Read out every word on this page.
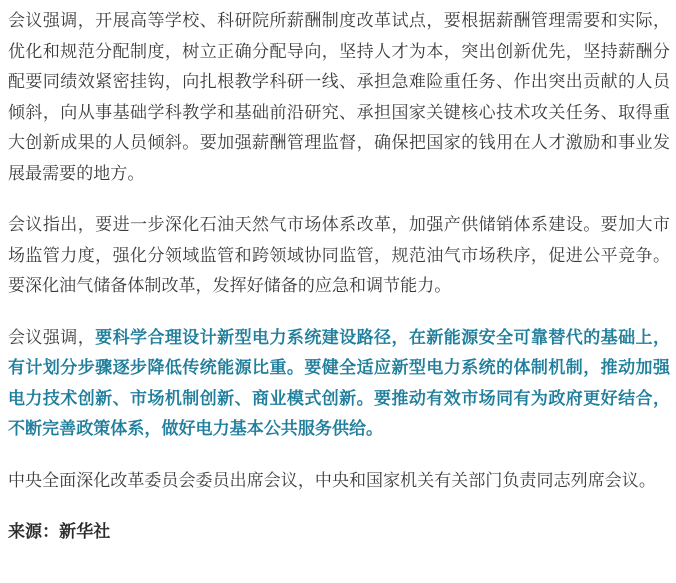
会议强调，开展高等学校、科研院所薪酬制度改革试点，要根据薪酬管理需要和实际，优化和规范分配制度，树立正确分配导向，坚持人才为本，突出创新优先，坚持薪酬分配要同绩效紧密挂钩，向扎根教学科研一线、承担急难险重任务、作出突出贡献的人员倾斜，向从事基础学科教学和基础前沿研究、承担国家关键核心技术攻关任务、取得重大创新成果的人员倾斜。要加强薪酬管理监督，确保把国家的钱用在人才激励和事业发展最需要的地方。

会议指出，要进一步深化石油天然气市场体系改革，加强产供储销体系建设。要加大市场监管力度，强化分领域监管和跨领域协同监管，规范油气市场秩序，促进公平竞争。要深化油气储备体制改革，发挥好储备的应急和调节能力。

会议强调，要科学合理设计新型电力系统建设路径，在新能源安全可靠替代的基础上，有计划分步骤逐步降低传统能源比重。要健全适应新型电力系统的体制机制，推动加强电力技术创新、市场机制创新、商业模式创新。要推动有效市场同有为政府更好结合，不断完善政策体系，做好电力基本公共服务供给。

中央全面深化改革委员会委员出席会议，中央和国家机关有关部门负责同志列席会议。

来源：新华社
